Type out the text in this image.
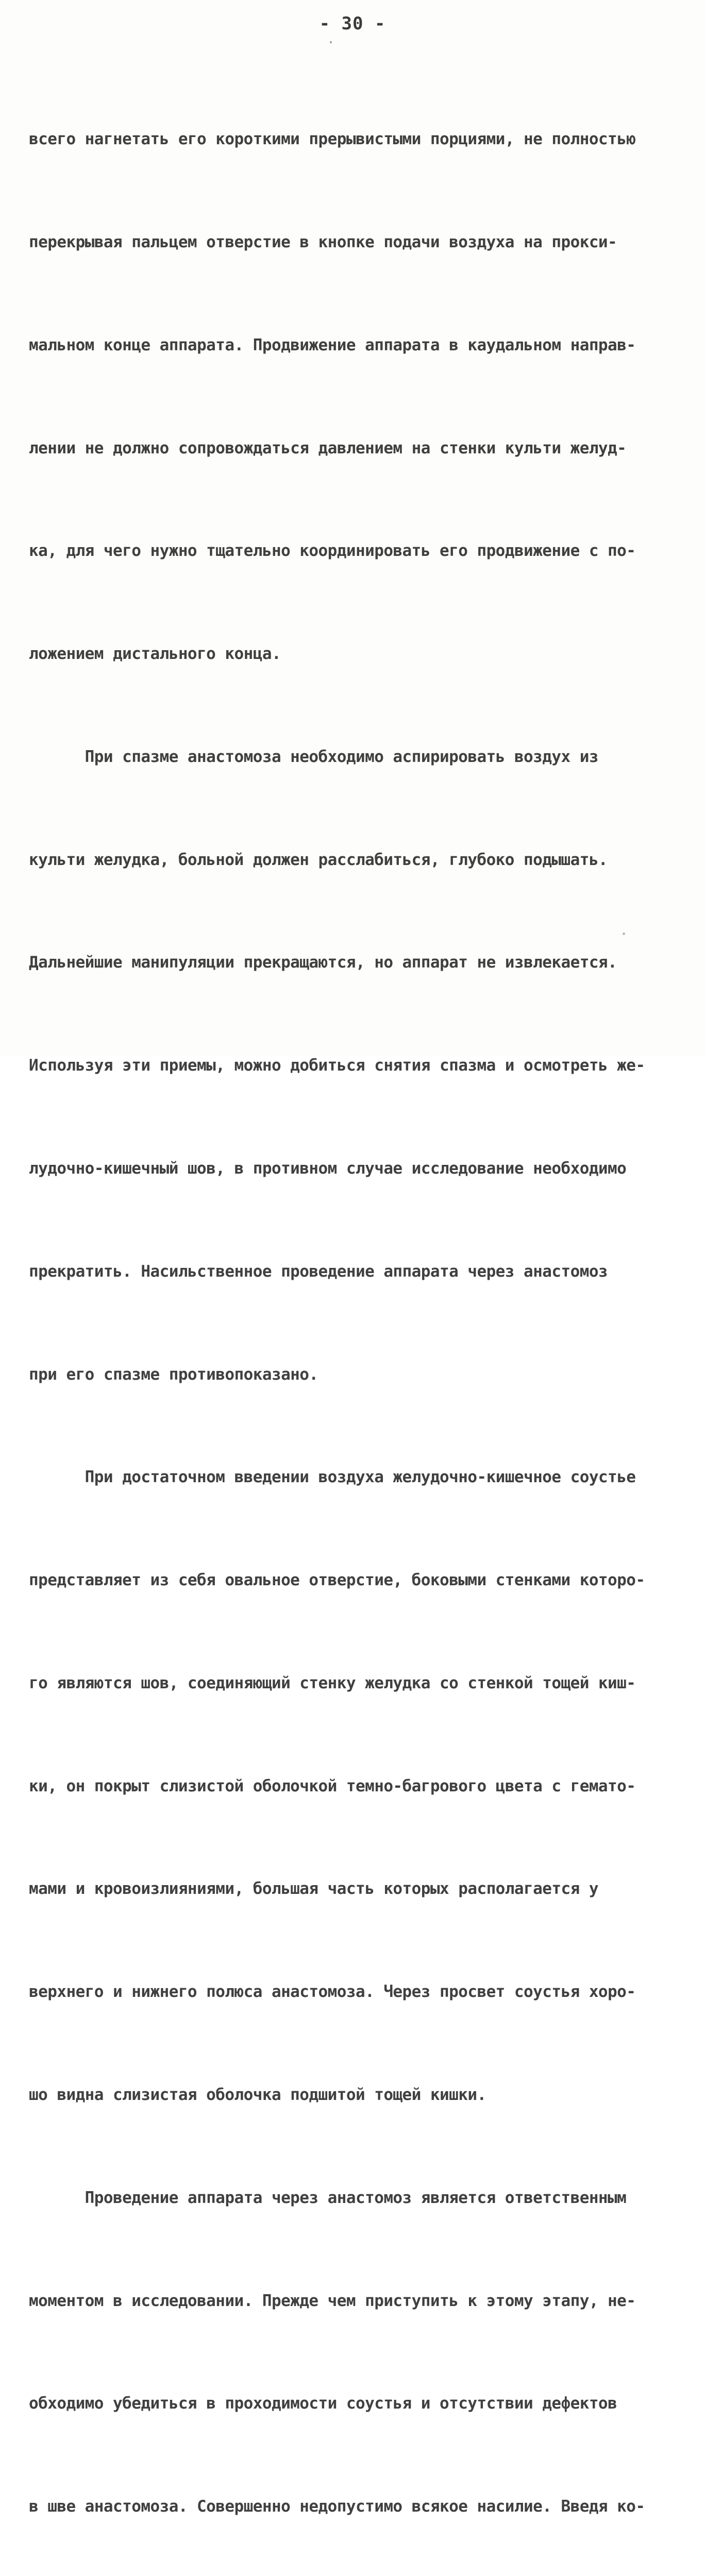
- 30 -

всего нагнетать его короткими прерывистыми порциями, не полностью

перекрывая пальцем отверстие в кнопке подачи воздуха на прокси-

мальном конце аппарата. Продвижение аппарата в каудальном направ-

лении не должно сопровождаться давлением на стенки культи желуд-

ка, для чего нужно тщательно координировать его продвижение с по-

ложением дистального конца.

При спазме анастомоза необходимо аспирировать воздух из

культи желудка, больной должен расслабиться, глубоко подышать.

Дальнейшие манипуляции прекращаются, но аппарат не извлекается.

Используя эти приемы, можно добиться снятия спазма и осмотреть же-

лудочно-кишечный шов, в противном случае исследование необходимо

прекратить. Насильственное проведение аппарата через анастомоз

при его спазме противопоказано.

При достаточном введении воздуха желудочно-кишечное соустье

представляет из себя овальное отверстие, боковыми стенками которо-

го являются шов, соединяющий стенку желудка со стенкой тощей киш-

ки, он покрыт слизистой оболочкой темно-багрового цвета с гемато-

мами и кровоизлияниями, большая часть которых располагается у

верхнего и нижнего полюса анастомоза. Через просвет соустья хоро-

шо видна слизистая оболочка подшитой тощей кишки.

Проведение аппарата через анастомоз является ответственным

моментом в исследовании. Прежде чем приступить к этому этапу, не-

обходимо убедиться в проходимости соустья и отсутствии дефектов

в шве анастомоза. Совершенно недопустимо всякое насилие. Введя ко-
